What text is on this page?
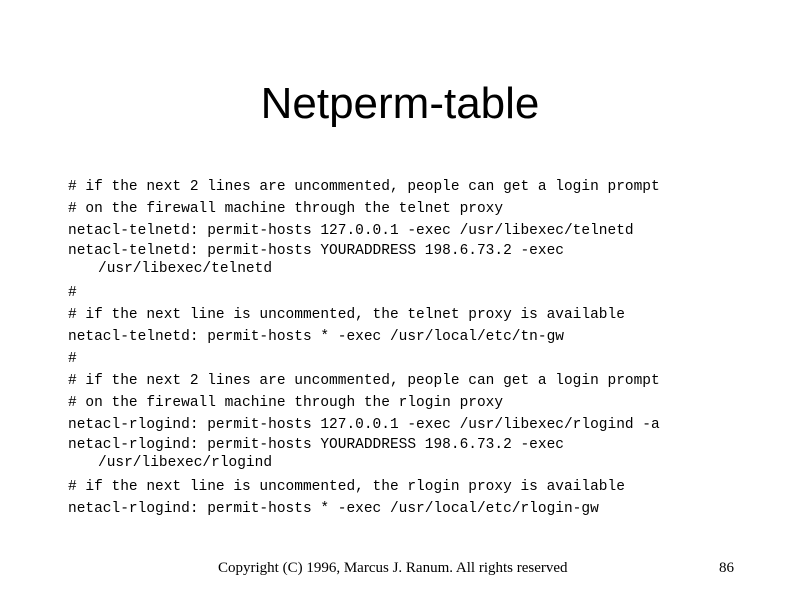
Netperm-table
# if the next 2 lines are uncommented, people can get a login prompt
# on the firewall machine through the telnet proxy
netacl-telnetd: permit-hosts 127.0.0.1 -exec /usr/libexec/telnetd
netacl-telnetd: permit-hosts YOURADDRESS 198.6.73.2 -exec
/usr/libexec/telnetd
#
# if the next line is uncommented, the telnet proxy is available
netacl-telnetd: permit-hosts * -exec /usr/local/etc/tn-gw
#
# if the next 2 lines are uncommented, people can get a login prompt
# on the firewall machine through the rlogin proxy
netacl-rlogind: permit-hosts 127.0.0.1 -exec /usr/libexec/rlogind -a
netacl-rlogind: permit-hosts YOURADDRESS 198.6.73.2 -exec
/usr/libexec/rlogind
# if the next line is uncommented, the rlogin proxy is available
netacl-rlogind: permit-hosts * -exec /usr/local/etc/rlogin-gw
Copyright (C) 1996, Marcus J. Ranum. All rights reserved	86
